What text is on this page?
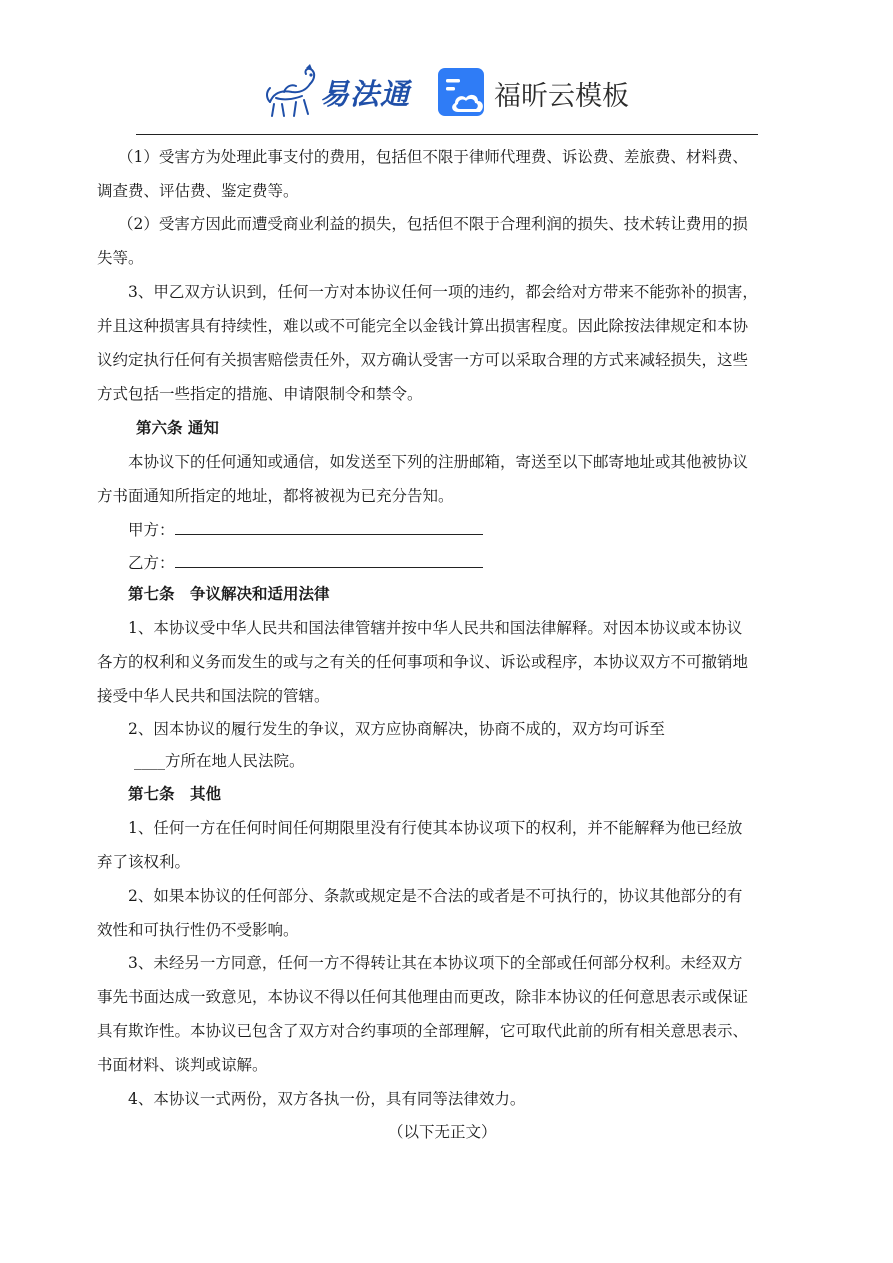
易法通	福昕云模板
（1）受害方为处理此事支付的费用，包括但不限于律师代理费、诉讼费、差旅费、材料费、
调查费、评估费、鉴定费等。
（2）受害方因此而遭受商业利益的损失，包括但不限于合理利润的损失、技术转让费用的损
失等。
3、甲乙双方认识到，任何一方对本协议任何一项的违约，都会给对方带来不能弥补的损害，
并且这种损害具有持续性，难以或不可能完全以金钱计算出损害程度。因此除按法律规定和本协
议约定执行任何有关损害赔偿责任外，双方确认受害一方可以采取合理的方式来减轻损失，这些
方式包括一些指定的措施、申请限制令和禁令。
第六条 通知
本协议下的任何通知或通信，如发送至下列的注册邮箱，寄送至以下邮寄地址或其他被协议
方书面通知所指定的地址，都将被视为已充分告知。
甲方：
乙方：
第七条　争议解决和适用法律
1、本协议受中华人民共和国法律管辖并按中华人民共和国法律解释。对因本协议或本协议
各方的权利和义务而发生的或与之有关的任何事项和争议、诉讼或程序，本协议双方不可撤销地
接受中华人民共和国法院的管辖。
2、因本协议的履行发生的争议，双方应协商解决，协商不成的，双方均可诉至
____方所在地人民法院。
第七条　其他
1、任何一方在任何时间任何期限里没有行使其本协议项下的权利，并不能解释为他已经放
弃了该权利。
2、如果本协议的任何部分、条款或规定是不合法的或者是不可执行的，协议其他部分的有
效性和可执行性仍不受影响。
3、未经另一方同意，任何一方不得转让其在本协议项下的全部或任何部分权利。未经双方
事先书面达成一致意见，本协议不得以任何其他理由而更改，除非本协议的任何意思表示或保证
具有欺诈性。本协议已包含了双方对合约事项的全部理解，它可取代此前的所有相关意思表示、
书面材料、谈判或谅解。
4、本协议一式两份，双方各执一份，具有同等法律效力。
（以下无正文）
